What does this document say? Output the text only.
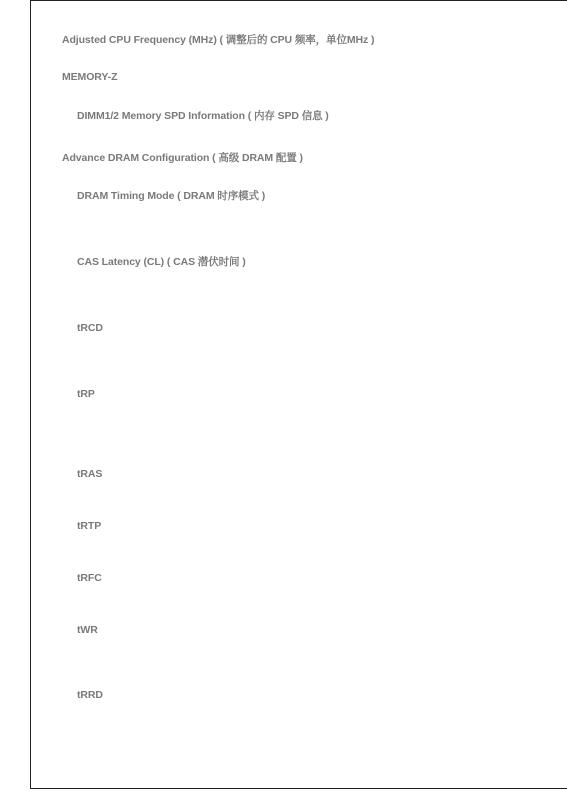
Adjusted CPU Frequency (MHz) ( 调整后的 CPU 频率，单位MHz )
MEMORY-Z
DIMM1/2 Memory SPD Information ( 内存 SPD 信息 )
Advance DRAM Configuration ( 高级 DRAM 配置 )
DRAM Timing Mode ( DRAM 时序模式 )
CAS Latency (CL) ( CAS 潜伏时间 )
tRCD
tRP
tRAS
tRTP
tRFC
tWR
tRRD
